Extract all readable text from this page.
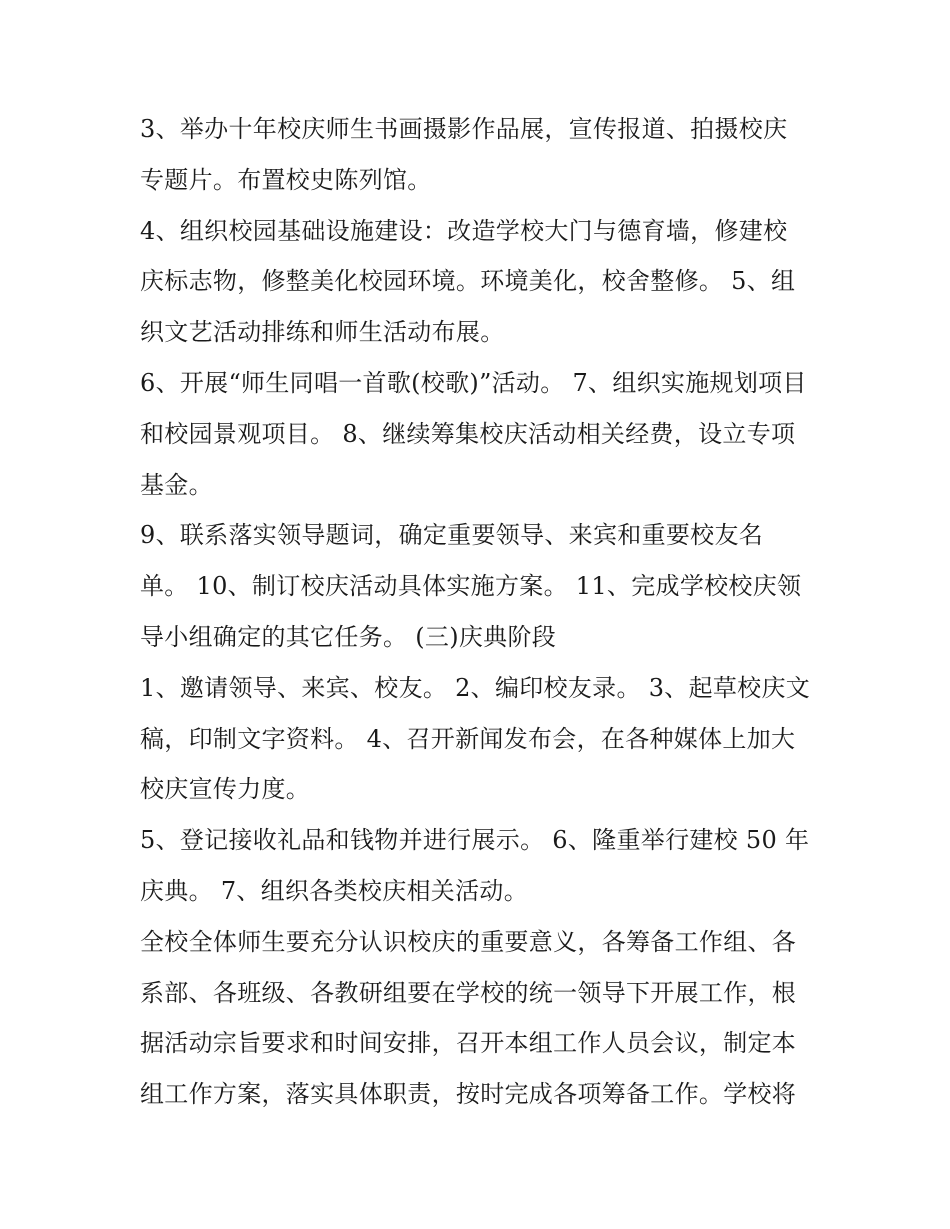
3、举办十年校庆师生书画摄影作品展，宣传报道、拍摄校庆
专题片。布置校史陈列馆。
4、组织校园基础设施建设：改造学校大门与德育墙，修建校
庆标志物，修整美化校园环境。环境美化，校舍整修。 5、组
织文艺活动排练和师生活动布展。
6、开展“师生同唱一首歌(校歌)”活动。 7、组织实施规划项目
和校园景观项目。 8、继续筹集校庆活动相关经费，设立专项
基金。
9、联系落实领导题词，确定重要领导、来宾和重要校友名
单。 10、制订校庆活动具体实施方案。 11、完成学校校庆领
导小组确定的其它任务。 (三)庆典阶段
1、邀请领导、来宾、校友。 2、编印校友录。 3、起草校庆文
稿，印制文字资料。 4、召开新闻发布会，在各种媒体上加大
校庆宣传力度。
5、登记接收礼品和钱物并进行展示。 6、隆重举行建校 50 年
庆典。 7、组织各类校庆相关活动。
全校全体师生要充分认识校庆的重要意义，各筹备工作组、各
系部、各班级、各教研组要在学校的统一领导下开展工作，根
据活动宗旨要求和时间安排，召开本组工作人员会议，制定本
组工作方案，落实具体职责，按时完成各项筹备工作。学校将
